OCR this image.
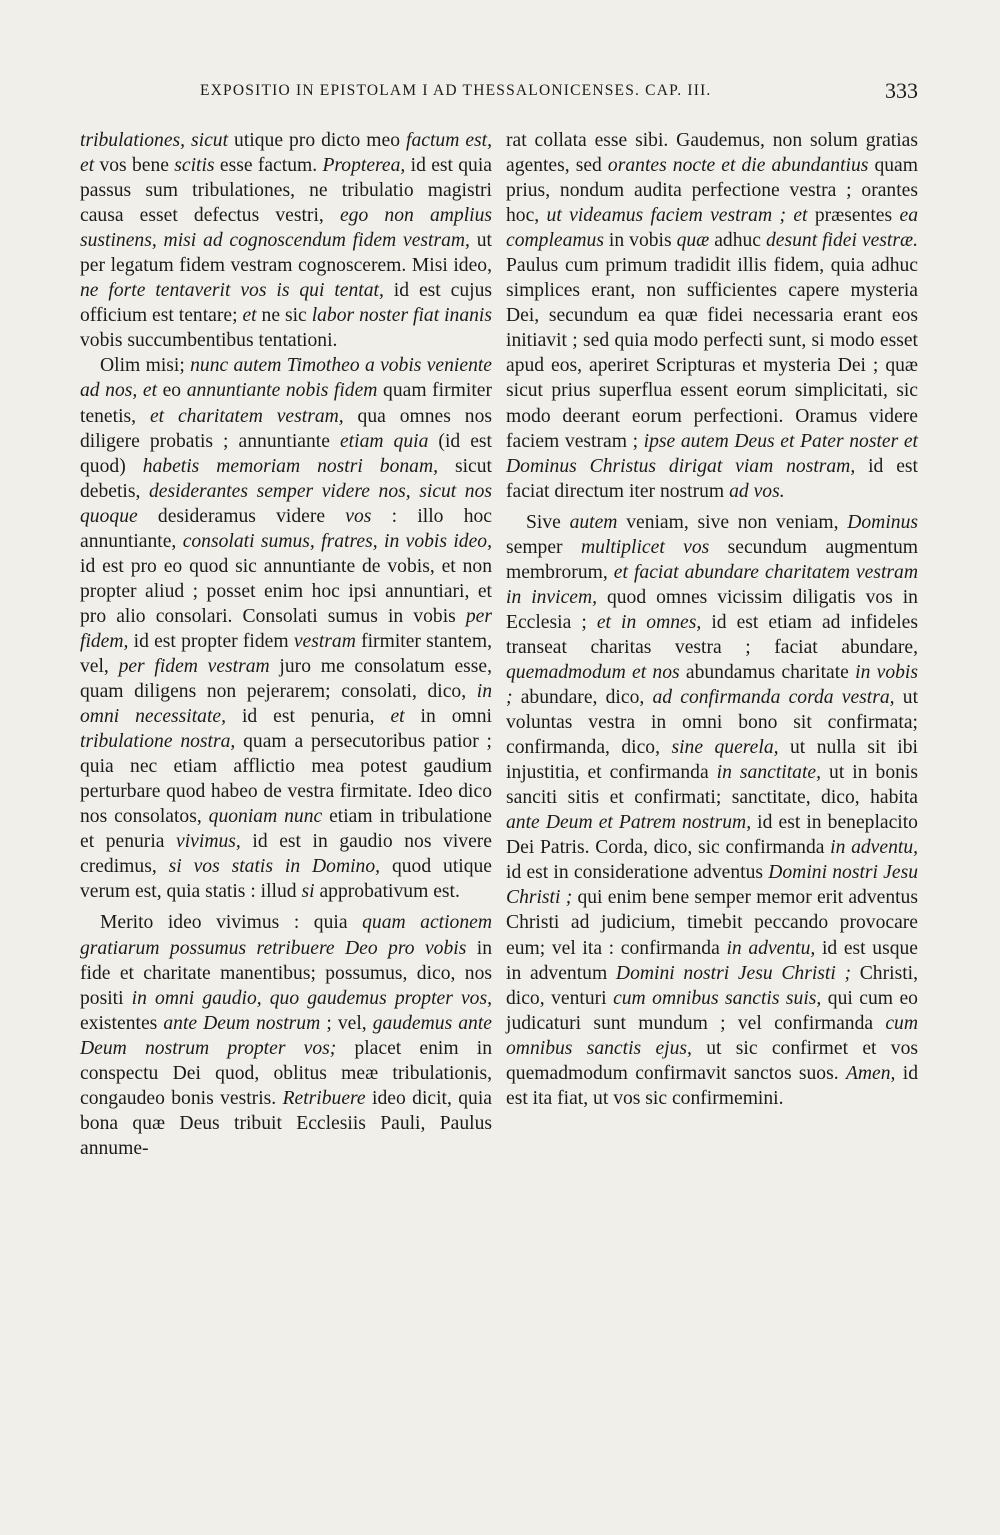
EXPOSITIO IN EPISTOLAM I AD THESSALONICENSES. CAP. III.	333

tribulationes, sicut utique pro dicto meo factum est, et vos bene scitis esse factum. Propterea, id est quia passus sum tribulationes, ne tribulatio magistri causa esset defectus vestri, ego non amplius sustinens, misi ad cognoscendum fidem vestram, ut per legatum fidem vestram cognoscerem. Misi ideo, ne forte tentaverit vos is qui tentat, id est cujus officium est tentare; et ne sic labor noster fiat inanis vobis succumbentibus tentationi.

Olim misi; nunc autem Timotheo a vobis veniente ad nos, et eo annuntiante nobis fidem quam firmiter tenetis, et charitatem vestram, qua omnes nos diligere probatis ; annuntiante etiam quia (id est quod) habetis memoriam nostri bonam, sicut debetis, desiderantes semper videre nos, sicut nos quoque desideramus videre vos : illo hoc annuntiante, consolati sumus, fratres, in vobis ideo, id est pro eo quod sic annuntiante de vobis, et non propter aliud ; posset enim hoc ipsi annuntiari, et pro alio consolari. Consolati sumus in vobis per fidem, id est propter fidem vestram firmiter stantem, vel, per fidem vestram juro me consolatum esse, quam diligens non pejerarem; consolati, dico, in omni necessitate, id est penuria, et in omni tribulatione nostra, quam a persecutoribus patior ; quia nec etiam afflictio mea potest gaudium perturbare quod habeo de vestra firmitate. Ideo dico nos consolatos, quoniam nunc etiam in tribulatione et penuria vivimus, id est in gaudio nos vivere credimus, si vos statis in Domino, quod utique verum est, quia statis : illud si approbativum est.

Merito ideo vivimus : quia quam actionem gratiarum possumus retribuere Deo pro vobis in fide et charitate manentibus; possumus, dico, nos positi in omni gaudio, quo gaudemus propter vos, existentes ante Deum nostrum ; vel, gaudemus ante Deum nostrum propter vos; placet enim in conspectu Dei quod, oblitus meæ tribulationis, congaudeo bonis vestris. Retribuere ideo dicit, quia bona quæ Deus tribuit Ecclesiis Pauli, Paulus annume-

rat collata esse sibi. Gaudemus, non solum gratias agentes, sed orantes nocte et die abundantius quam prius, nondum audita perfectione vestra ; orantes hoc, ut videamus faciem vestram ; et præsentes ea compleamus in vobis quæ adhuc desunt fidei vestræ. Paulus cum primum tradidit illis fidem, quia adhuc simplices erant, non sufficientes capere mysteria Dei, secundum ea quæ fidei necessaria erant eos initiavit ; sed quia modo perfecti sunt, si modo esset apud eos, aperiret Scripturas et mysteria Dei ; quæ sicut prius superflua essent eorum simplicitati, sic modo deerant eorum perfectioni. Oramus videre faciem vestram ; ipse autem Deus et Pater noster et Dominus Christus dirigat viam nostram, id est faciat directum iter nostrum ad vos.

Sive autem veniam, sive non veniam, Dominus semper multiplicet vos secundum augmentum membrorum, et faciat abundare charitatem vestram in invicem, quod omnes vicissim diligatis vos in Ecclesia ; et in omnes, id est etiam ad infideles transeat charitas vestra ; faciat abundare, quemadmodum et nos abundamus charitate in vobis ; abundare, dico, ad confirmanda corda vestra, ut voluntas vestra in omni bono sit confirmata; confirmanda, dico, sine querela, ut nulla sit ibi injustitia, et confirmanda in sanctitate, ut in bonis sanciti sitis et confirmati; sanctitate, dico, habita ante Deum et Patrem nostrum, id est in beneplacito Dei Patris. Corda, dico, sic confirmanda in adventu, id est in consideratione adventus Domini nostri Jesu Christi ; qui enim bene semper memor erit adventus Christi ad judicium, timebit peccando provocare eum; vel ita : confirmanda in adventu, id est usque in adventum Domini nostri Jesu Christi ; Christi, dico, venturi cum omnibus sanctis suis, qui cum eo judicaturi sunt mundum ; vel confirmanda cum omnibus sanctis ejus, ut sic confirmet et vos quemadmodum confirmavit sanctos suos. Amen, id est ita fiat, ut vos sic confirmemini.
